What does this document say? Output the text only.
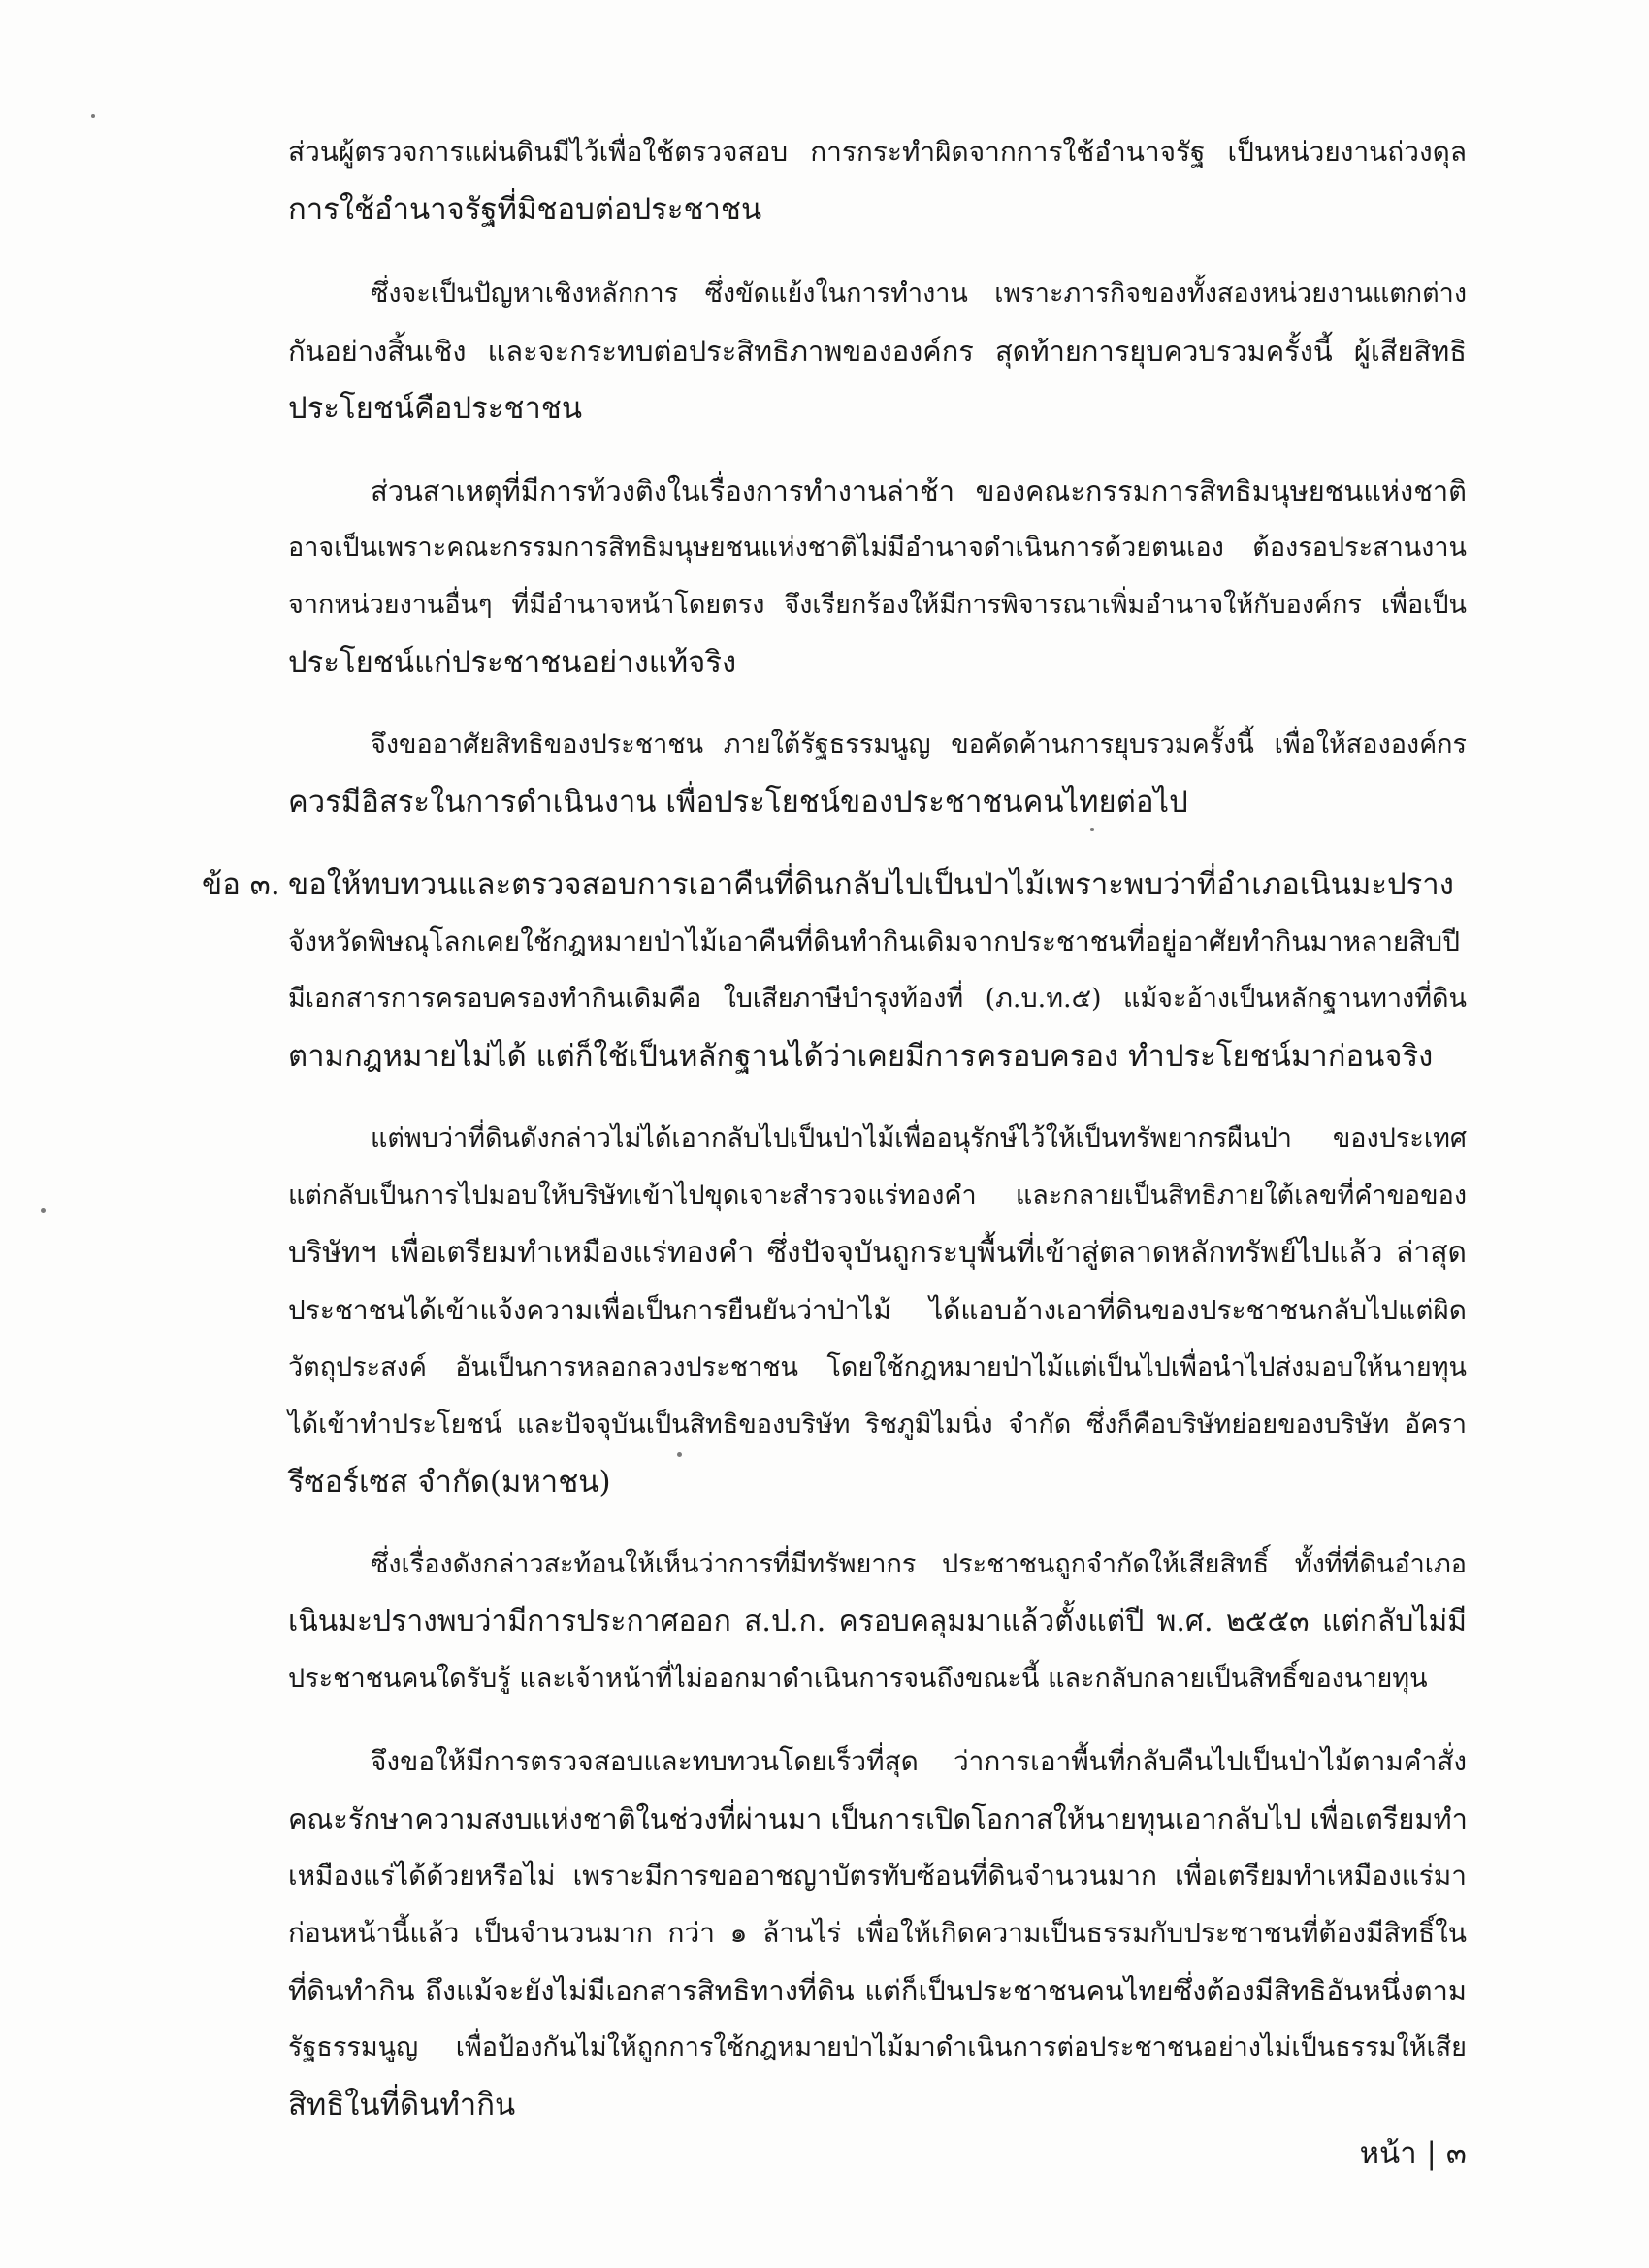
ส่วนผู้ตรวจการแผ่นดินมีไว้เพื่อใช้ตรวจสอบ การกระทำผิดจากการใช้อำนาจรัฐ เป็นหน่วยงานถ่วงดุล
การใช้อำนาจรัฐที่มิชอบต่อประชาชน
ซึ่งจะเป็นปัญหาเชิงหลักการ ซึ่งขัดแย้งในการทำงาน เพราะภารกิจของทั้งสองหน่วยงานแตกต่าง
กันอย่างสิ้นเชิง และจะกระทบต่อประสิทธิภาพขององค์กร สุดท้ายการยุบควบรวมครั้งนี้ ผู้เสียสิทธิ
ประโยชน์คือประชาชน
ส่วนสาเหตุที่มีการท้วงติงในเรื่องการทำงานล่าช้า ของคณะกรรมการสิทธิมนุษยชนแห่งชาติ
อาจเป็นเพราะคณะกรรมการสิทธิมนุษยชนแห่งชาติไม่มีอำนาจดำเนินการด้วยตนเอง ต้องรอประสานงาน
จากหน่วยงานอื่นๆ ที่มีอำนาจหน้าโดยตรง จึงเรียกร้องให้มีการพิจารณาเพิ่มอำนาจให้กับองค์กร เพื่อเป็น
ประโยชน์แก่ประชาชนอย่างแท้จริง
จึงขออาศัยสิทธิของประชาชน ภายใต้รัฐธรรมนูญ ขอคัดค้านการยุบรวมครั้งนี้ เพื่อให้สององค์กร
ควรมีอิสระในการดำเนินงาน เพื่อประโยชน์ของประชาชนคนไทยต่อไป
ข้อ ๓. ขอให้ทบทวนและตรวจสอบการเอาคืนที่ดินกลับไปเป็นป่าไม้เพราะพบว่าที่อำเภอเนินมะปราง
จังหวัดพิษณุโลกเคยใช้กฎหมายป่าไม้เอาคืนที่ดินทำกินเดิมจากประชาชนที่อยู่อาศัยทำกินมาหลายสิบปี
มีเอกสารการครอบครองทำกินเดิมคือ ใบเสียภาษีบำรุงท้องที่ (ภ.บ.ท.๕) แม้จะอ้างเป็นหลักฐานทางที่ดิน
ตามกฎหมายไม่ได้ แต่ก็ใช้เป็นหลักฐานได้ว่าเคยมีการครอบครอง ทำประโยชน์มาก่อนจริง
แต่พบว่าที่ดินดังกล่าวไม่ได้เอากลับไปเป็นป่าไม้เพื่ออนุรักษ์ไว้ให้เป็นทรัพยากรผืนป่า ของประเทศ
แต่กลับเป็นการไปมอบให้บริษัทเข้าไปขุดเจาะสำรวจแร่ทองคำ และกลายเป็นสิทธิภายใต้เลขที่คำขอของ
บริษัทฯ เพื่อเตรียมทำเหมืองแร่ทองคำ ซึ่งปัจจุบันถูกระบุพื้นที่เข้าสู่ตลาดหลักทรัพย์ไปแล้ว ล่าสุด
ประชาชนได้เข้าแจ้งความเพื่อเป็นการยืนยันว่าป่าไม้ ได้แอบอ้างเอาที่ดินของประชาชนกลับไปแต่ผิด
วัตถุประสงค์ อันเป็นการหลอกลวงประชาชน โดยใช้กฎหมายป่าไม้แต่เป็นไปเพื่อนำไปส่งมอบให้นายทุน
ได้เข้าทำประโยชน์ และปัจจุบันเป็นสิทธิของบริษัท ริชภูมิไมนิ่ง จำกัด ซึ่งก็คือบริษัทย่อยของบริษัท อัครา
รีซอร์เซส จำกัด(มหาชน)
ซึ่งเรื่องดังกล่าวสะท้อนให้เห็นว่าการที่มีทรัพยากร ประชาชนถูกจำกัดให้เสียสิทธิ์ ทั้งที่ที่ดินอำเภอ
เนินมะปรางพบว่ามีการประกาศออก ส.ป.ก. ครอบคลุมมาแล้วตั้งแต่ปี พ.ศ. ๒๕๕๓ แต่กลับไม่มี
ประชาชนคนใดรับรู้ และเจ้าหน้าที่ไม่ออกมาดำเนินการจนถึงขณะนี้ และกลับกลายเป็นสิทธิ์ของนายทุน
จึงขอให้มีการตรวจสอบและทบทวนโดยเร็วที่สุด ว่าการเอาพื้นที่กลับคืนไปเป็นป่าไม้ตามคำสั่ง
คณะรักษาความสงบแห่งชาติในช่วงที่ผ่านมา เป็นการเปิดโอกาสให้นายทุนเอากลับไป เพื่อเตรียมทำ
เหมืองแร่ได้ด้วยหรือไม่ เพราะมีการขออาชญาบัตรทับซ้อนที่ดินจำนวนมาก เพื่อเตรียมทำเหมืองแร่มา
ก่อนหน้านี้แล้ว เป็นจำนวนมาก กว่า ๑ ล้านไร่ เพื่อให้เกิดความเป็นธรรมกับประชาชนที่ต้องมีสิทธิ์ใน
ที่ดินทำกิน ถึงแม้จะยังไม่มีเอกสารสิทธิทางที่ดิน แต่ก็เป็นประชาชนคนไทยซึ่งต้องมีสิทธิอันหนึ่งตาม
รัฐธรรมนูญ เพื่อป้องกันไม่ให้ถูกการใช้กฎหมายป่าไม้มาดำเนินการต่อประชาชนอย่างไม่เป็นธรรมให้เสีย
สิทธิในที่ดินทำกิน
หน้า | ๓
